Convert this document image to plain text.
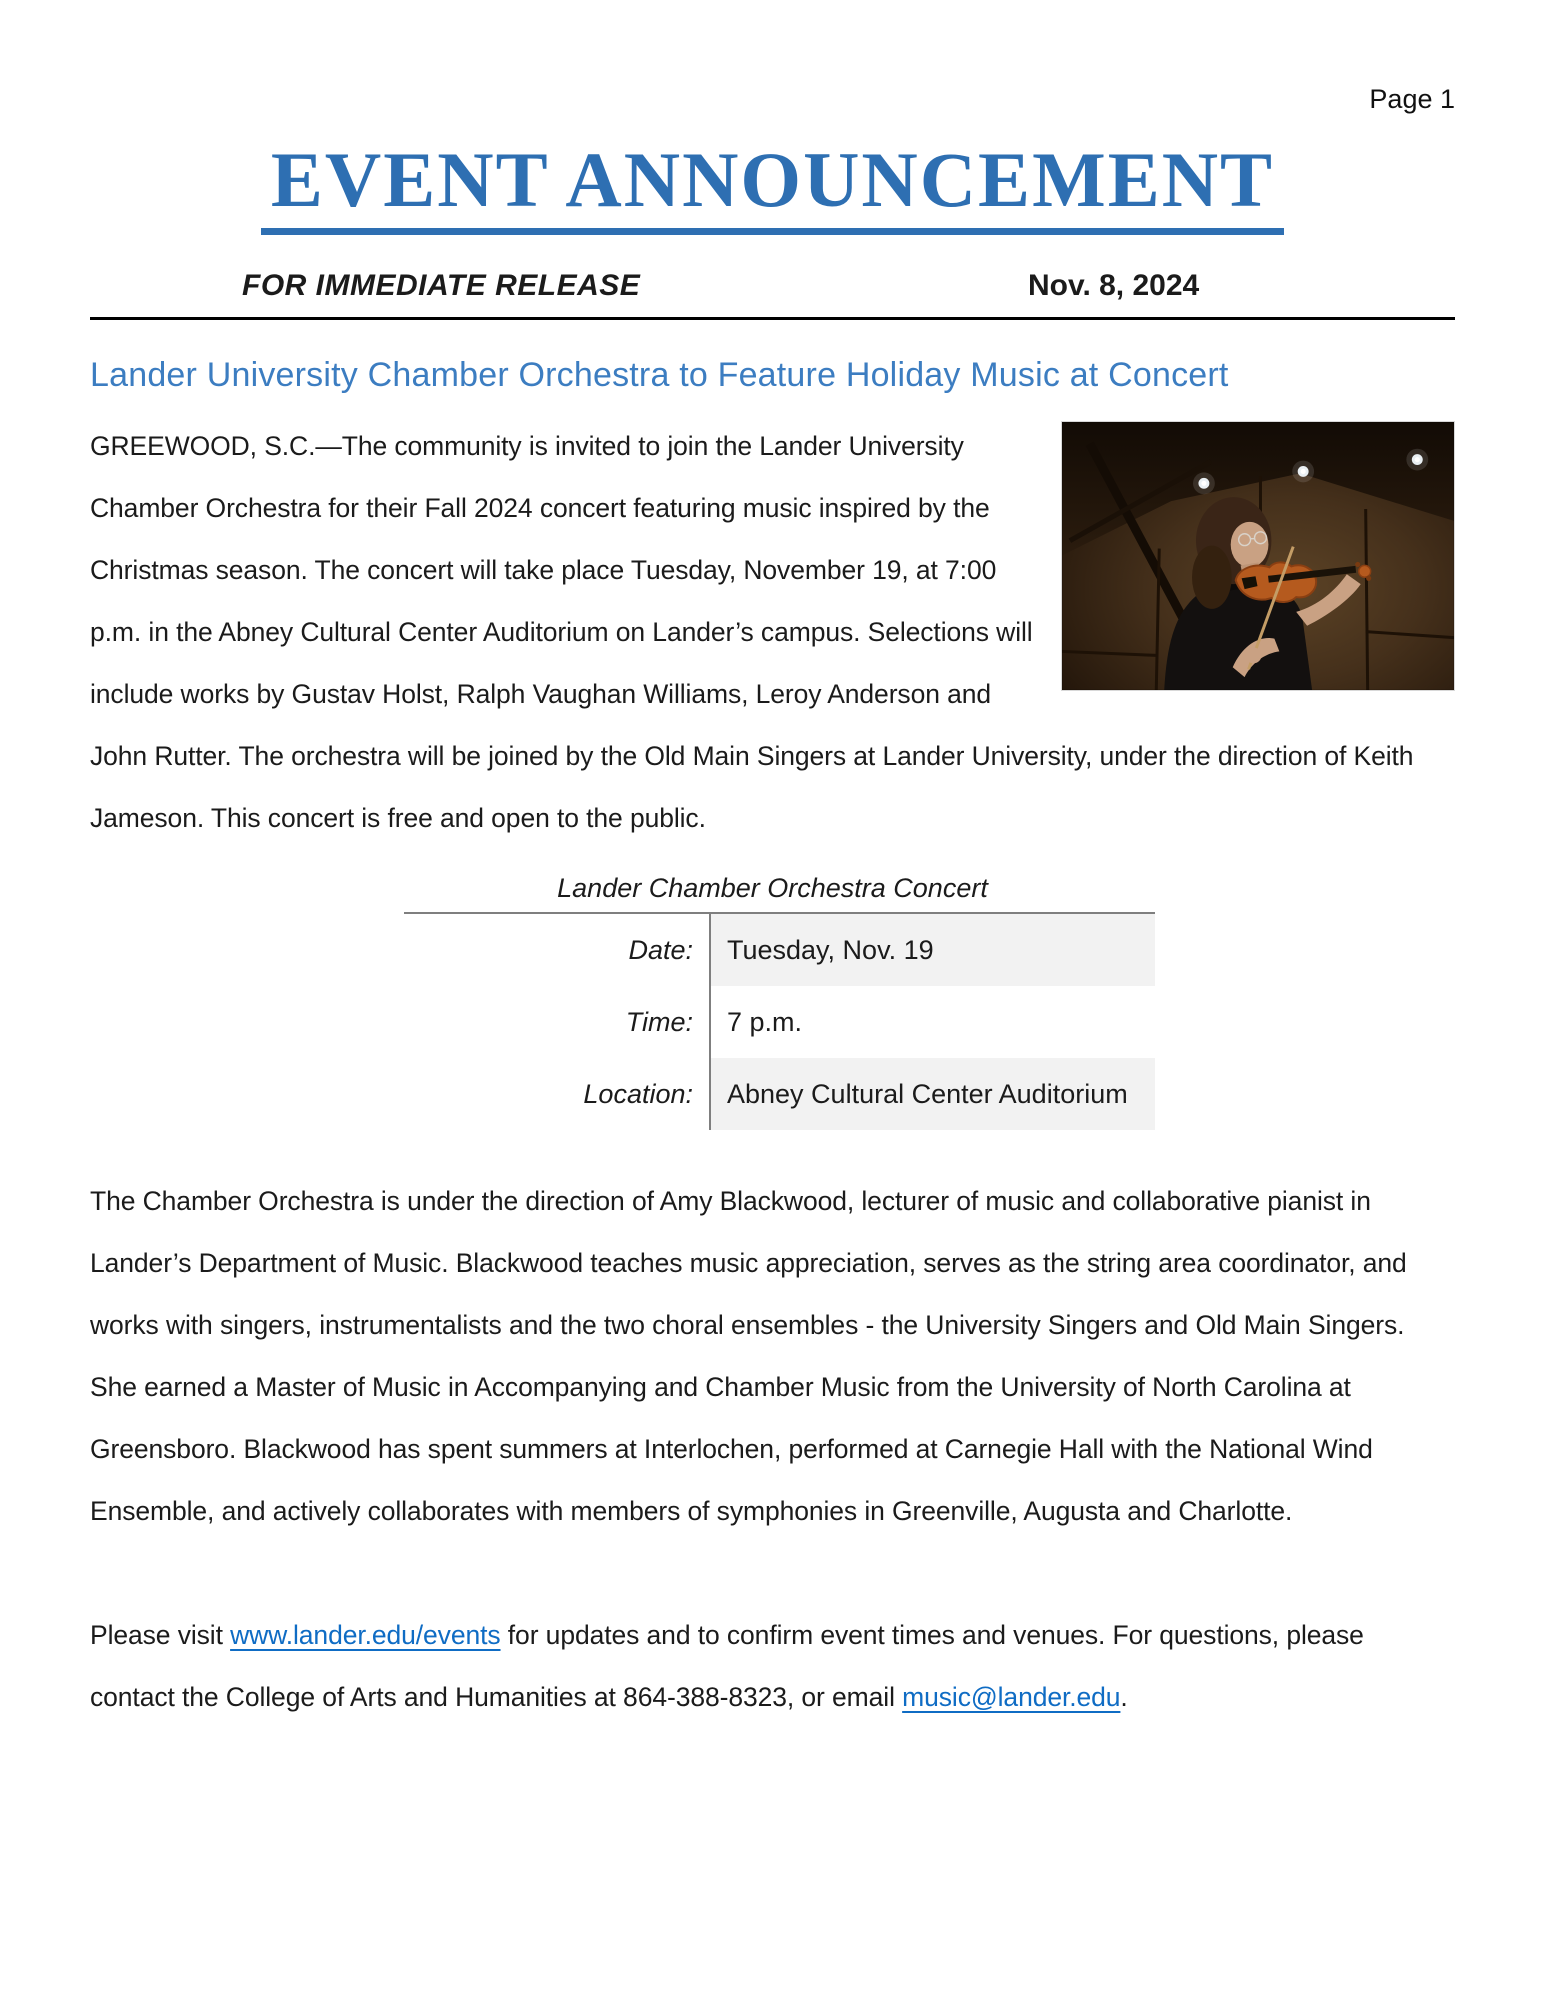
Page 1
EVENT ANNOUNCEMENT
FOR IMMEDIATE RELEASE	Nov. 8, 2024
Lander University Chamber Orchestra to Feature Holiday Music at Concert
GREEWOOD, S.C.—The community is invited to join the Lander University Chamber Orchestra for their Fall 2024 concert featuring music inspired by the Christmas season. The concert will take place Tuesday, November 19, at 7:00 p.m. in the Abney Cultural Center Auditorium on Lander’s campus. Selections will include works by Gustav Holst, Ralph Vaughan Williams, Leroy Anderson and John Rutter. The orchestra will be joined by the Old Main Singers at Lander University, under the direction of Keith Jameson. This concert is free and open to the public.
Lander Chamber Orchestra Concert
Date:	Tuesday, Nov. 19
Time:	7 p.m.
Location:	Abney Cultural Center Auditorium
The Chamber Orchestra is under the direction of Amy Blackwood, lecturer of music and collaborative pianist in Lander’s Department of Music. Blackwood teaches music appreciation, serves as the string area coordinator, and works with singers, instrumentalists and the two choral ensembles - the University Singers and Old Main Singers. She earned a Master of Music in Accompanying and Chamber Music from the University of North Carolina at Greensboro. Blackwood has spent summers at Interlochen, performed at Carnegie Hall with the National Wind Ensemble, and actively collaborates with members of symphonies in Greenville, Augusta and Charlotte.
Please visit www.lander.edu/events for updates and to confirm event times and venues. For questions, please contact the College of Arts and Humanities at 864-388-8323, or email music@lander.edu.
